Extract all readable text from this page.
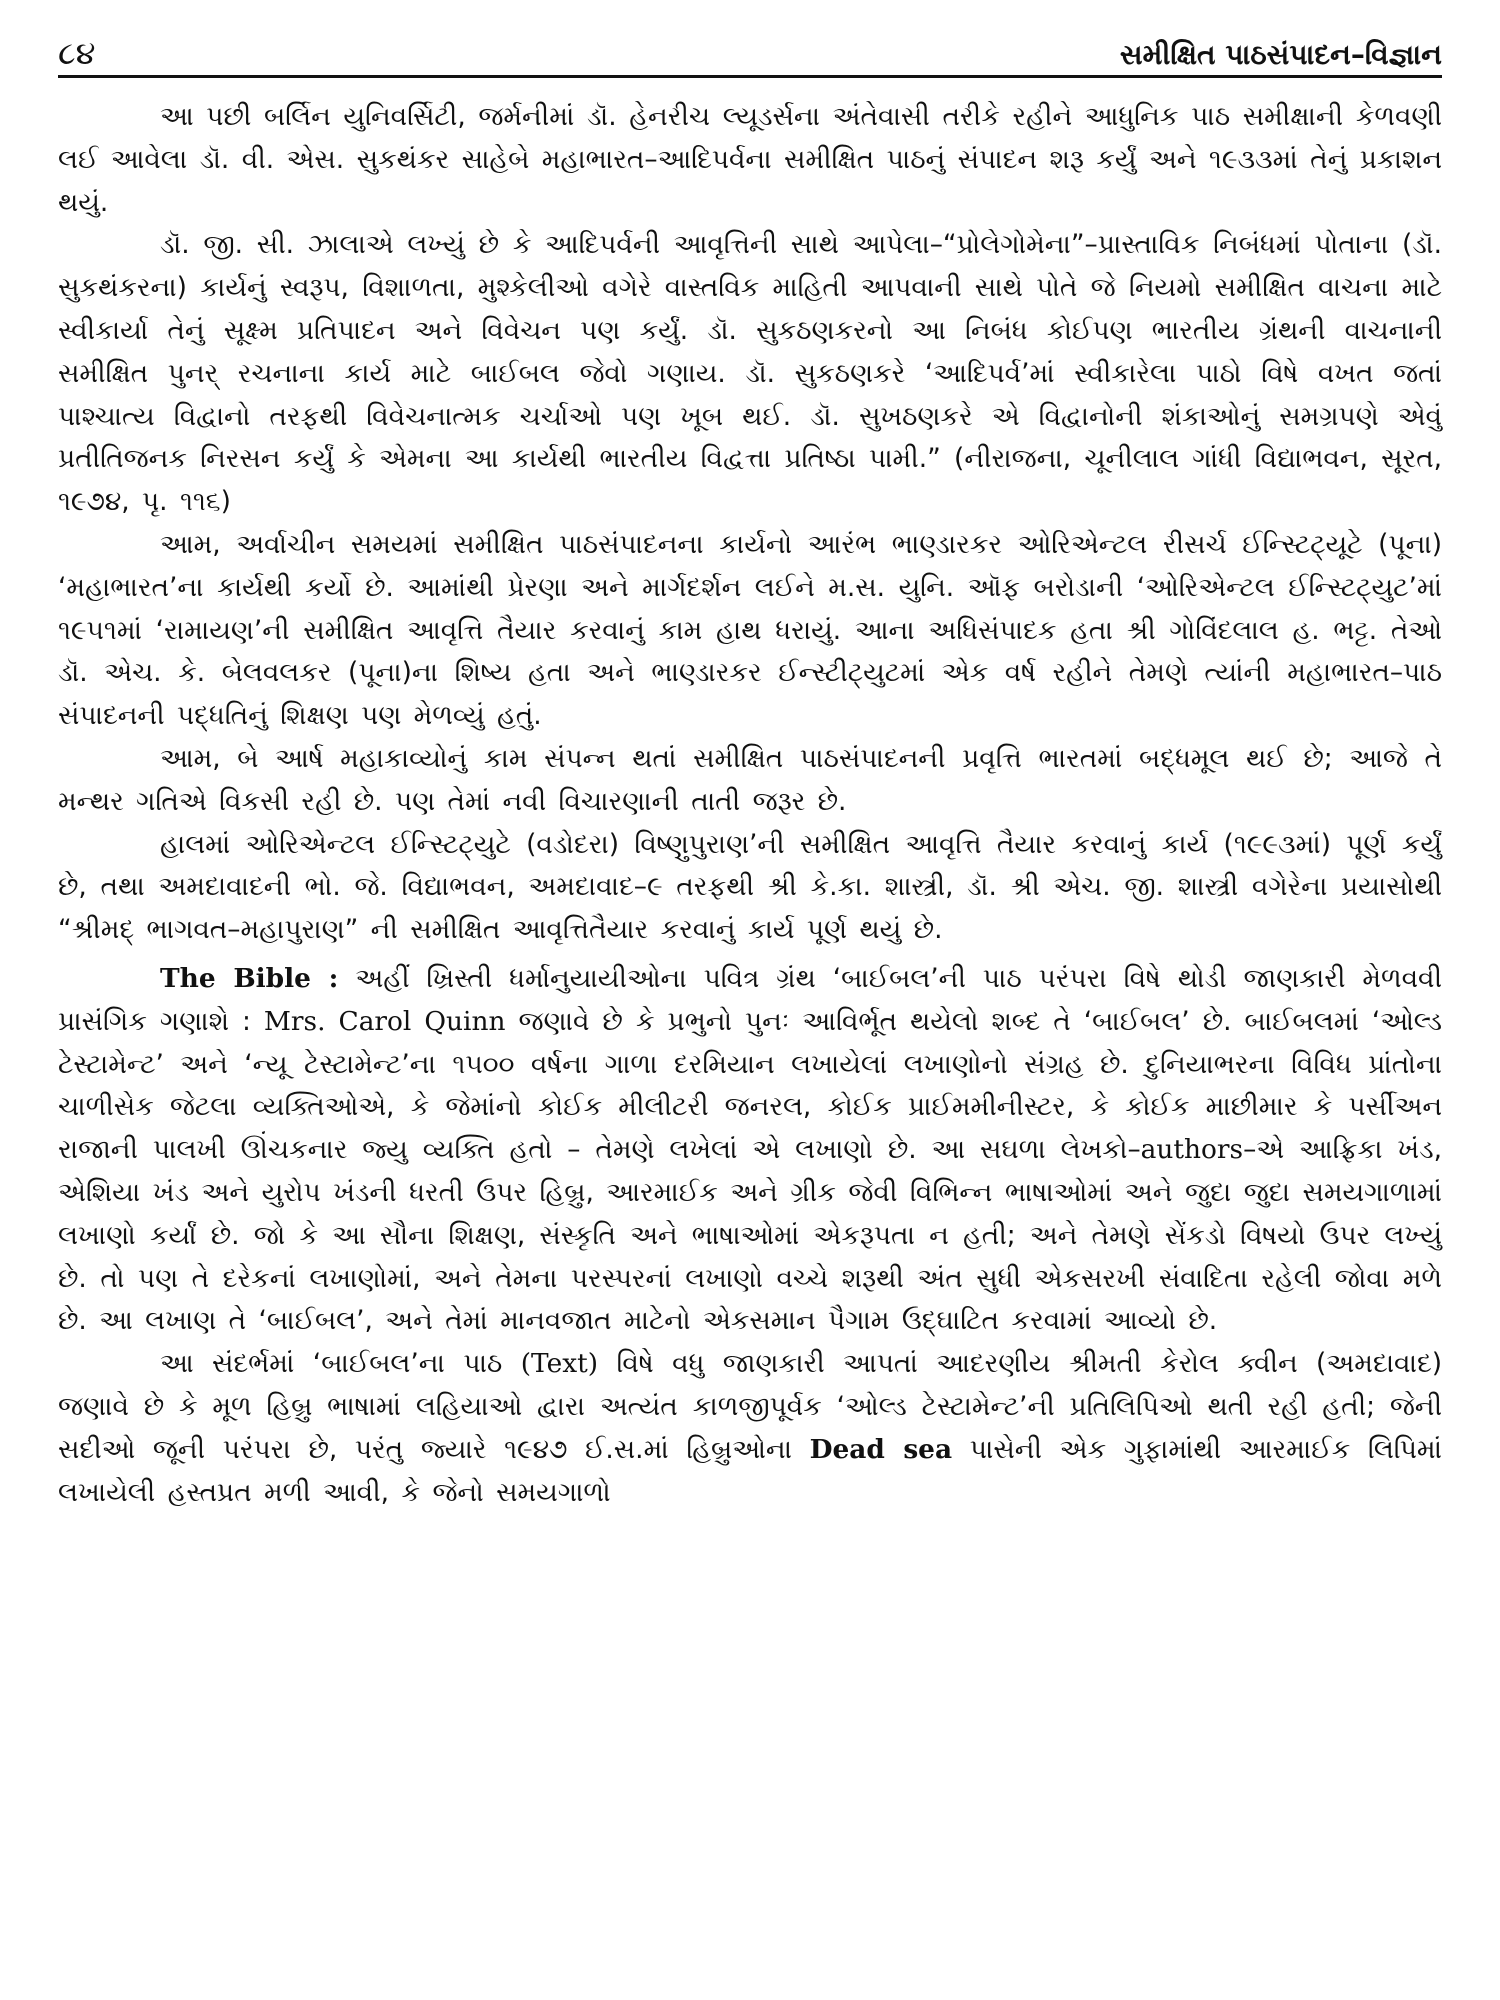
૮૪	સમીક્ષિત પાઠસંપાદન–વિજ્ઞાન

આ પછી બર્લિન યુનિવર્સિટી, જર્મનીમાં ડૉ. હેનરીચ લ્યૂડર્સના અંતેવાસી તરીકે રહીને આધુનિક પાઠ સમીક્ષાની કેળવણી લઈ આવેલા ડૉ. વી. એસ. સુકથંકર સાહેબે મહાભારત–આદિપર્વના સમીક્ષિત પાઠનું સંપાદન શરૂ કર્યું અને ૧૯૩૩માં તેનું પ્રકાશન થયું.

ડૉ. જી. સી. ઝાલાએ લખ્યું છે કે આદિપર્વની આવૃત્તિની સાથે આપેલા–“પ્રોલેગોમેના”–પ્રાસ્તાવિક નિબંધમાં પોતાના (ડૉ. સુકથંકરના) કાર્યનું સ્વરૂપ, વિશાળતા, મુશ્કેલીઓ વગેરે વાસ્તવિક માહિતી આપવાની સાથે પોતે જે નિયમો સમીક્ષિત વાચના માટે સ્વીકાર્યા તેનું સૂક્ષ્મ પ્રતિપાદન અને વિવેચન પણ કર્યું. ડૉ. સુકઠણકરનો આ નિબંધ કોઈપણ ભારતીય ગ્રંથની વાચનાની સમીક્ષિત પુનર્ રચનાના કાર્ય માટે બાઈબલ જેવો ગણાય. ડૉ. સુકઠણકરે ‘આદિપર્વ’માં સ્વીકારેલા પાઠો વિષે વખત જતાં પાશ્ચાત્ય વિદ્વાનો તરફથી વિવેચનાત્મક ચર્ચાઓ પણ ખૂબ થઈ. ડૉ. સુખઠણકરે એ વિદ્વાનોની શંકાઓનું સમગ્રપણે એવું પ્રતીતિજનક નિરસન કર્યું કે એમના આ કાર્યથી ભારતીય વિદ્વત્તા પ્રતિષ્ઠા પામી.” (નીરાજના, ચૂનીલાલ ગાંધી વિદ્યાભવન, સૂરત, ૧૯૭૪, પૃ. ૧૧૬)

આમ, અર્વાચીન સમયમાં સમીક્ષિત પાઠસંપાદનના કાર્યનો આરંભ ભાણ્ડારકર ઓરિએન્ટલ રીસર્ચ ઈન્સ્ટિટ્યૂટે (પૂના) ‘મહાભારત’ના કાર્યથી કર્યો છે. આમાંથી પ્રેરણા અને માર્ગદર્શન લઈને મ.સ. યુનિ. ઑફ બરોડાની ‘ઓરિએન્ટલ ઈન્સ્ટિટ્યુટ’માં ૧૯૫૧માં ‘રામાયણ’ની સમીક્ષિત આવૃત્તિ તૈયાર કરવાનું કામ હાથ ધરાયું. આના અધિસંપાદક હતા શ્રી ગોવિંદલાલ હ. ભટ્ટ. તેઓ ડૉ. એચ. કે. બેલવલકર (પૂના)ના શિષ્ય હતા અને ભાણ્ડારકર ઈન્સ્ટીટ્યુટમાં એક વર્ષ રહીને તેમણે ત્યાંની મહાભારત–પાઠ સંપાદનની પદ્ધતિનું શિક્ષણ પણ મેળવ્યું હતું.

આમ, બે આર્ષ મહાકાવ્યોનું કામ સંપન્ન થતાં સમીક્ષિત પાઠસંપાદનની પ્રવૃત્તિ ભારતમાં બદ્ધમૂલ થઈ છે; આજે તે મન્થર ગતિએ વિકસી રહી છે. પણ તેમાં નવી વિચારણાની તાતી જરૂર છે.

હાલમાં ઓરિએન્ટલ ઈન્સ્ટિટ્યુટે (વડોદરા) વિષ્ણુપુરાણ’ની સમીક્ષિત આવૃત્તિ તૈયાર કરવાનું કાર્ય (૧૯૯૩માં) પૂર્ણ કર્યું છે, તથા અમદાવાદની ભો. જે. વિદ્યાભવન, અમદાવાદ–૯ તરફથી શ્રી કે.કા. શાસ્ત્રી, ડૉ. શ્રી એચ. જી. શાસ્ત્રી વગેરેના પ્રયાસોથી “શ્રીમદ્ ભાગવત–મહાપુરાણ” ની સમીક્ષિત આવૃત્તિતૈયાર કરવાનું કાર્ય પૂર્ણ થયું છે.

The Bible : અહીં ખ્રિસ્તી ધર્માનુયાયીઓના પવિત્ર ગ્રંથ ‘બાઈબલ’ની પાઠ પરંપરા વિષે થોડી જાણકારી મેળવવી પ્રાસંગિક ગણાશે : Mrs. Carol Quinn જણાવે છે કે પ્રભુનો પુનઃ આવિર્ભૂત થયેલો શબ્દ તે ‘બાઈબલ’ છે. બાઈબલમાં ‘ઓલ્ડ ટેસ્ટામેન્ટ’ અને ‘ન્યૂ ટેસ્ટામેન્ટ’ના ૧૫૦૦ વર્ષના ગાળા દરમિયાન લખાયેલાં લખાણોનો સંગ્રહ છે. દુનિયાભરના વિવિધ પ્રાંતોના ચાળીસેક જેટલા વ્યક્તિઓએ, કે જેમાંનો કોઈક મીલીટરી જનરલ, કોઈક પ્રાઈમમીનીસ્ટર, કે કોઈક માછીમાર કે પર્સીઅન રાજાની પાલખી ઊંચકનાર જ્યુ વ્યક્તિ હતો – તેમણે લખેલાં એ લખાણો છે. આ સઘળા લેખકો–authors–એ આફ્રિકા ખંડ, એશિયા ખંડ અને યુરોપ ખંડની ધરતી ઉપર હિબ્રુ, આરમાઈક અને ગ્રીક જેવી વિભિન્ન ભાષાઓમાં અને જુદા જુદા સમયગાળામાં લખાણો કર્યાં છે. જો કે આ સૌના શિક્ષણ, સંસ્કૃતિ અને ભાષાઓમાં એકરૂપતા ન હતી; અને તેમણે સેંકડો વિષયો ઉપર લખ્યું છે. તો પણ તે દરેકનાં લખાણોમાં, અને તેમના પરસ્પરનાં લખાણો વચ્ચે શરૂથી અંત સુધી એકસરખી સંવાદિતા રહેલી જોવા મળે છે. આ લખાણ તે ‘બાઈબલ’, અને તેમાં માનવજાત માટેનો એકસમાન પૈગામ ઉદ્ઘાટિત કરવામાં આવ્યો છે.

આ સંદર્ભમાં ‘બાઈબલ’ના પાઠ (Text) વિષે વધુ જાણકારી આપતાં આદરણીય શ્રીમતી કેરોલ ક્વીન (અમદાવાદ) જણાવે છે કે મૂળ હિબ્રુ ભાષામાં લહિયાઓ દ્વારા અત્યંત કાળજીપૂર્વક ‘ઓલ્ડ ટેસ્ટામેન્ટ’ની પ્રતિલિપિઓ થતી રહી હતી; જેની સદીઓ જૂની પરંપરા છે, પરંતુ જ્યારે ૧૯૪૭ ઈ.સ.માં હિબ્રુઓના Dead sea પાસેની એક ગુફામાંથી આરમાઈક લિપિમાં લખાયેલી હસ્તપ્રત મળી આવી, કે જેનો સમયગાળો
